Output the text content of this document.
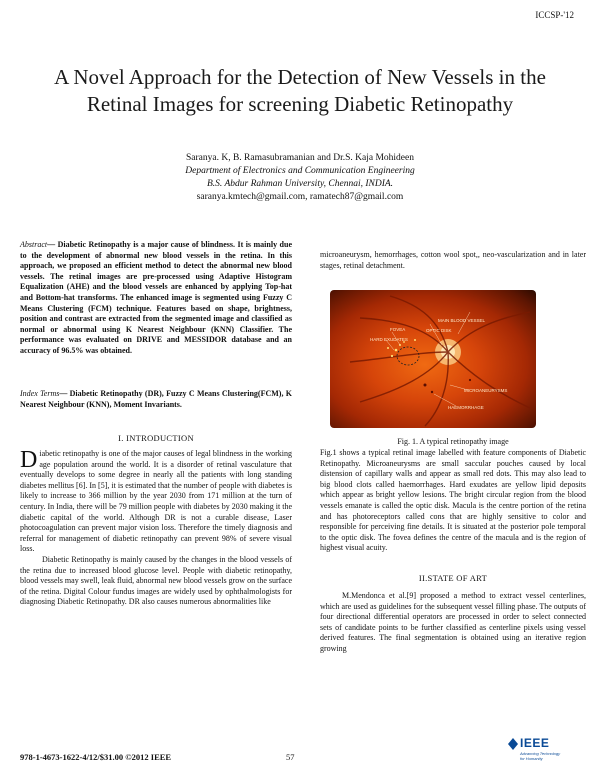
ICCSP-'12
A Novel Approach for the Detection of New Vessels in the Retinal Images for screening Diabetic Retinopathy
Saranya. K, B. Ramasubramanian and Dr.S. Kaja Mohideen
Department of Electronics and Communication Engineering
B.S. Abdur Rahman University, Chennai, INDIA.
saranya.kmtech@gmail.com, ramatech87@gmail.com

Abstract— Diabetic Retinopathy is a major cause of blindness. It is mainly due to the development of abnormal new blood vessels in the retina. In this approach, we proposed an efficient method to detect the abnormal new blood vessels. The retinal images are pre-processed using Adaptive Histogram Equalization (AHE) and the blood vessels are enhanced by applying Top-hat and Bottom-hat transforms. The enhanced image is segmented using Fuzzy C Means Clustering (FCM) technique. Features based on shape, brightness, position and contrast are extracted from the segmented image and classified as normal or abnormal using K Nearest Neighbour (KNN) Classifier. The performance was evaluated on DRIVE and MESSIDOR database and an accuracy of 96.5% was obtained.

Index Terms— Diabetic Retinopathy (DR), Fuzzy C Means Clustering(FCM), K Nearest Neighbour (KNN), Moment Invariants.

I. INTRODUCTION

Diabetic retinopathy is one of the major causes of legal blindness in the working age population around the world. It is a disorder of retinal vasculature that eventually develops to some degree in nearly all the patients with long standing diabetes mellitus [6]. In [5], it is estimated that the number of people with diabetes is likely to increase to 366 million by the year 2030 from 171 million at the turn of century. In India, there will be 79 million people with diabetes by 2030 making it the diabetic capital of the world. Although DR is not a curable disease, Laser photocoagulation can prevent major vision loss. Therefore the timely diagnosis and referral for management of diabetic retinopathy can prevent 98% of severe visual loss.

Diabetic Retinopathy is mainly caused by the changes in the blood vessels of the retina due to increased blood glucose level. People with diabetic retinopathy, blood vessels may swell, leak fluid, abnormal new blood vessels grow on the surface of the retina. Digital Colour fundus images are widely used by ophthalmologists for diagnosing Diabetic Retinopathy. DR also causes numerous abnormalities like

microaneurysm, hemorrhages, cotton wool spot,, neo-vascularization and in later stages, retinal detachment.
MAIN BLOOD VESSEL
FOVEA	OPTIC DISK
HARD EXUDATES
MICROANEURYSMS
HAEMORRHAGE
Fig. 1. A typical retinopathy image
Fig.1 shows a typical retinal image labelled with feature components of Diabetic Retinopathy. Microaneurysms are small saccular pouches caused by local distension of capillary walls and appear as small red dots. This may also lead to big blood clots called haemorrhages. Hard exudates are yellow lipid deposits which appear as bright yellow lesions. The bright circular region from the blood vessels emanate is called the optic disk. Macula is the centre portion of the retina and has photoreceptors called cons that are highly sensitive to color and responsible for perceiving fine details. It is situated at the posterior pole temporal to the optic disk. The fovea defines the centre of the macula and is the region of highest visual acuity.
II.STATE OF ART
M.Mendonca et al.[9] proposed a method to extract vessel centerlines, which are used as guidelines for the subsequent vessel filling phase. The outputs of four directional differential operators are processed in order to select connected sets of candidate points to be further classified as centerline pixels using vessel derived features. The final segmentation is obtained using an iterative region growing
978-1-4673-1622-4/12/$31.00 ©2012 IEEE	57
IEEE
Advancing Technology
for Humanity
